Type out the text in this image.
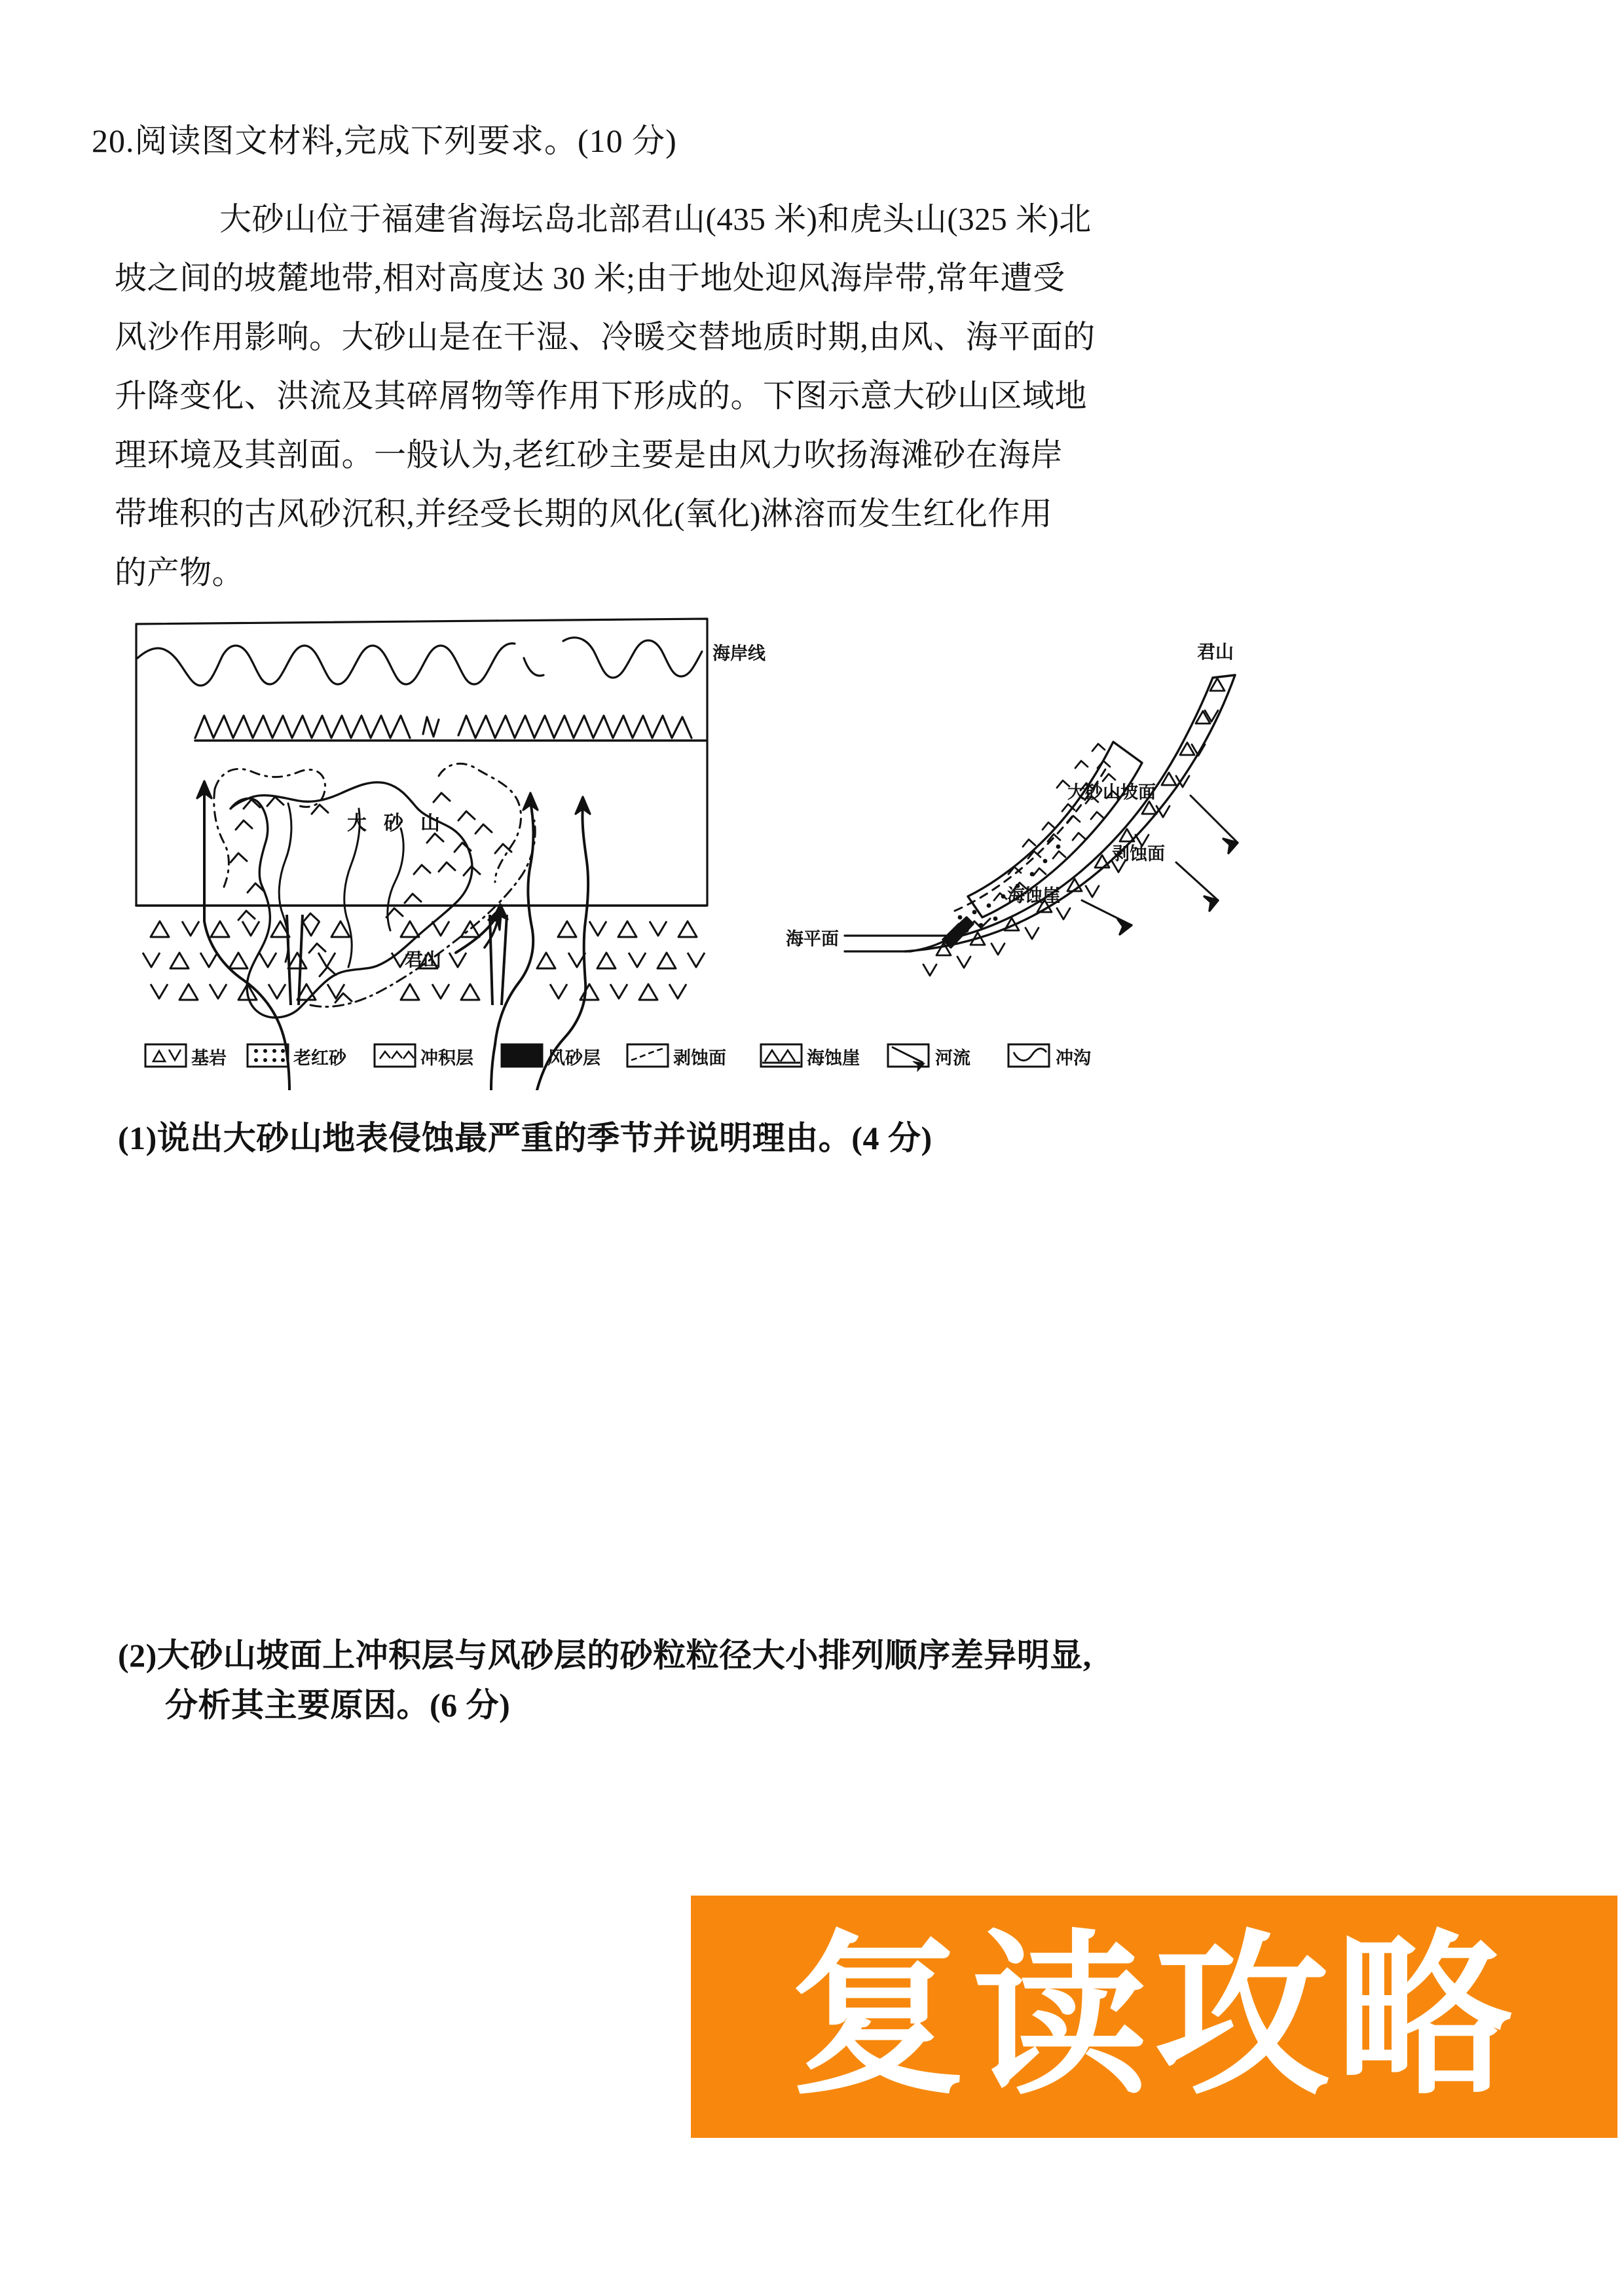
20.阅读图文材料,完成下列要求。(10 分)
大砂山位于福建省海坛岛北部君山(435 米)和虎头山(325 米)北
坡之间的坡麓地带,相对高度达 30 米;由于地处迎风海岸带,常年遭受
风沙作用影响。大砂山是在干湿、冷暖交替地质时期,由风、海平面的
升降变化、洪流及其碎屑物等作用下形成的。下图示意大砂山区域地
理环境及其剖面。一般认为,老红砂主要是由风力吹扬海滩砂在海岸
带堆积的古风砂沉积,并经受长期的风化(氧化)淋溶而发生红化作用
的产物。
海岸线
大砂山
君山
君山
大砂山坡面
剥蚀面
海蚀崖
海平面
基岩	老红砂	冲积层	风砂层	剥蚀面	海蚀崖	河流	冲沟
(1)说出大砂山地表侵蚀最严重的季节并说明理由。(4 分)
(2)大砂山坡面上冲积层与风砂层的砂粒粒径大小排列顺序差异明显,
分析其主要原因。(6 分)
复读攻略
